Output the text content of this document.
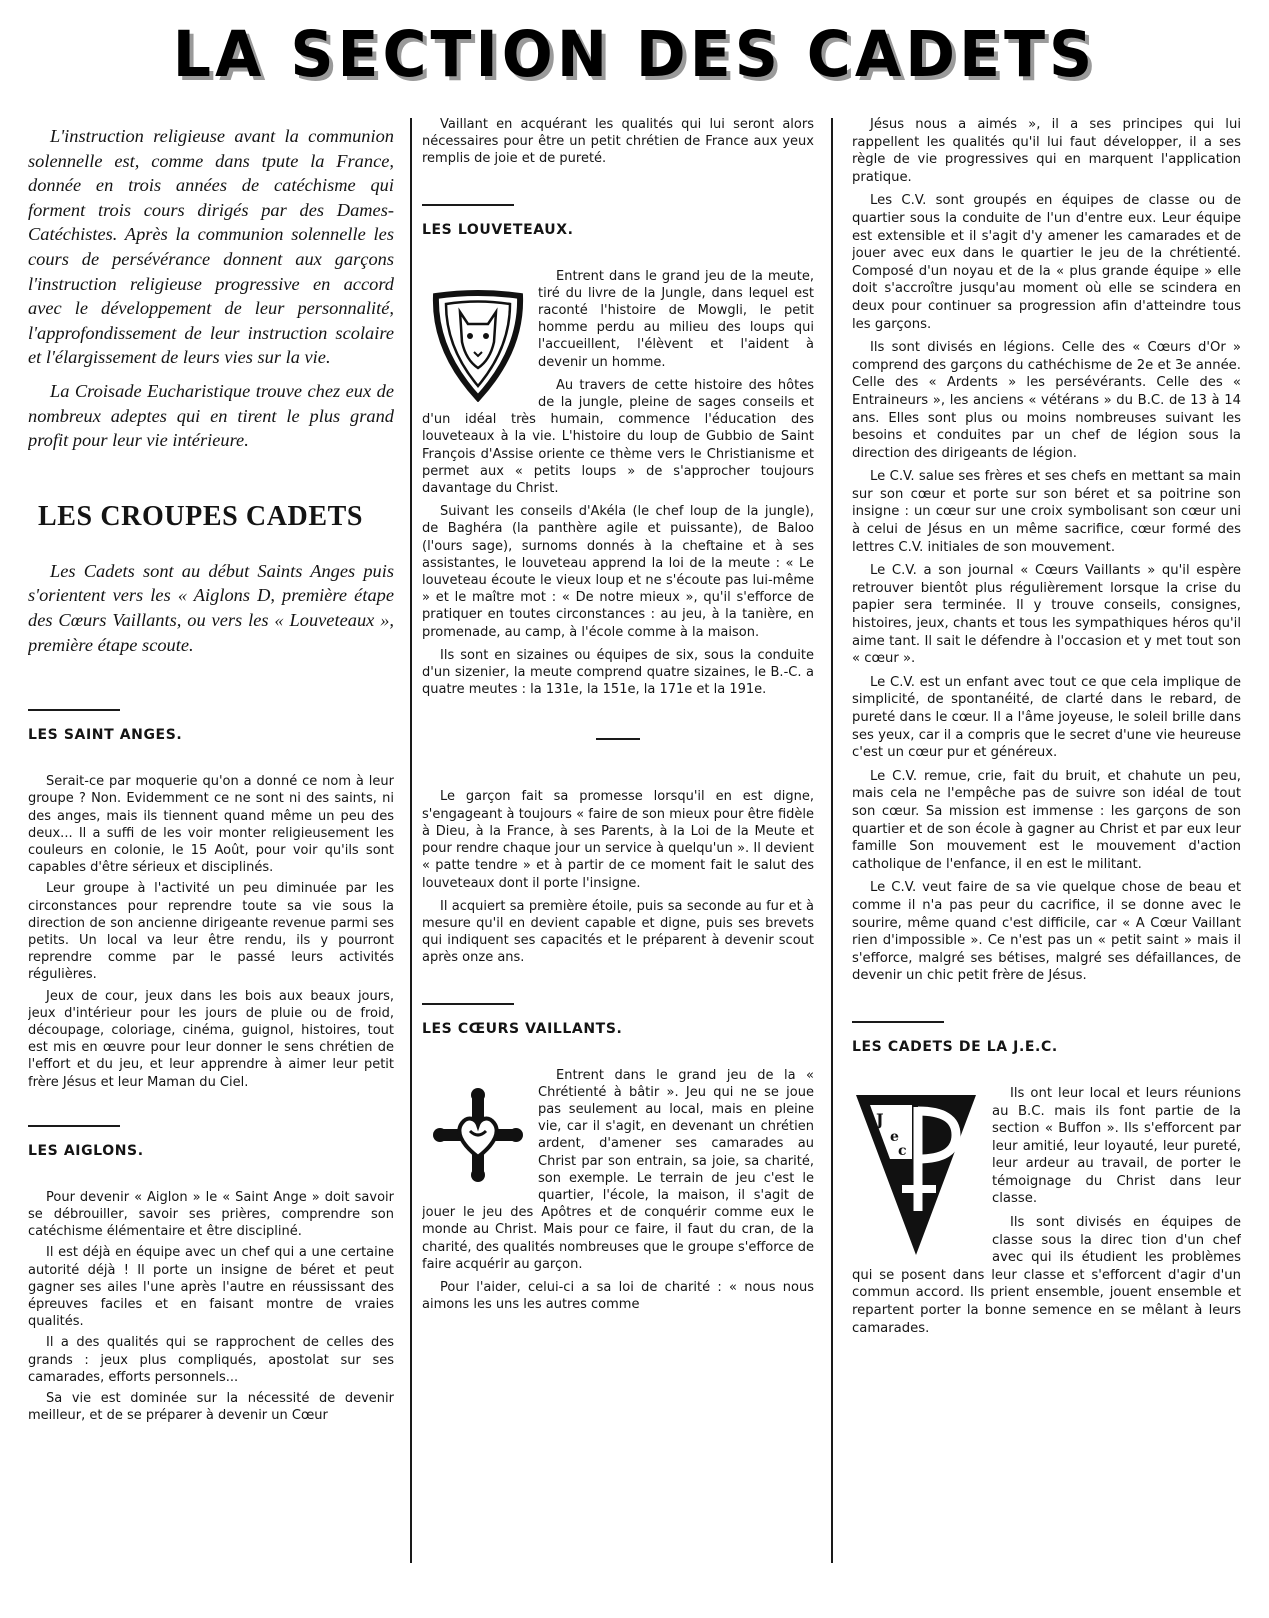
LA SECTION DES CADETS

L'instruction religieuse avant la communion solennelle est, comme dans tpute la France, donnée en trois années de catéchisme qui forment trois cours dirigés par des Dames-Catéchistes. Après la communion solennelle les cours de persévérance donnent aux garçons l'instruction religieuse progressive en accord avec le développement de leur personnalité, l'approfondissement de leur instruction scolaire et l'élargissement de leurs vies sur la vie.

La Croisade Eucharistique trouve chez eux de nombreux adeptes qui en tirent le plus grand profit pour leur vie intérieure.

LES CROUPES CADETS

Les Cadets sont au début Saints Anges puis s'orientent vers les « Aiglons D, première étape des Cœurs Vaillants, ou vers les « Louveteaux », première étape scoute.

LES SAINT ANGES.

Serait-ce par moquerie qu'on a donné ce nom à leur groupe ? Non. Evidemment ce ne sont ni des saints, ni des anges, mais ils tiennent quand même un peu des deux... Il a suffi de les voir monter religieusement les couleurs en colonie, le 15 Août, pour voir qu'ils sont capables d'être sérieux et disciplinés.

Leur groupe à l'activité un peu diminuée par les circonstances pour reprendre toute sa vie sous la direction de son ancienne dirigeante revenue parmi ses petits. Un local va leur être rendu, ils y pourront reprendre comme par le passé leurs activités régulières.

Jeux de cour, jeux dans les bois aux beaux jours, jeux d'intérieur pour les jours de pluie ou de froid, découpage, coloriage, cinéma, guignol, histoires, tout est mis en œuvre pour leur donner le sens chrétien de l'effort et du jeu, et leur apprendre à aimer leur petit frère Jésus et leur Maman du Ciel.

LES AIGLONS.

Pour devenir « Aiglon » le « Saint Ange » doit savoir se débrouiller, savoir ses prières, comprendre son catéchisme élémentaire et être discipliné.

Il est déjà en équipe avec un chef qui a une certaine autorité déjà ! Il porte un insigne de béret et peut gagner ses ailes l'une après l'autre en réussissant des épreuves faciles et en faisant montre de vraies qualités.

Il a des qualités qui se rapprochent de celles des grands : jeux plus compliqués, apostolat sur ses camarades, efforts personnels...

Sa vie est dominée sur la nécessité de devenir meilleur, et de se préparer à devenir un Cœur

Vaillant en acquérant les qualités qui lui seront alors nécessaires pour être un petit chrétien de France aux yeux remplis de joie et de pureté.

LES LOUVETEAUX.

Entrent dans le grand jeu de la meute, tiré du livre de la Jungle, dans lequel est raconté l'histoire de Mowgli, le petit homme perdu au milieu des loups qui l'accueillent, l'élèvent et l'aident à devenir un homme.

Au travers de cette histoire des hôtes de la jungle, pleine de sages conseils et d'un idéal très humain, commence l'éducation des louveteaux à la vie. L'histoire du loup de Gubbio de Saint François d'Assise oriente ce thème vers le Christianisme et permet aux « petits loups » de s'approcher toujours davantage du Christ.

Suivant les conseils d'Akéla (le chef loup de la jungle), de Baghéra (la panthère agile et puissante), de Baloo (l'ours sage), surnoms donnés à la cheftaine et à ses assistantes, le louveteau apprend la loi de la meute : « Le louveteau écoute le vieux loup et ne s'écoute pas lui-même » et le maître mot : « De notre mieux », qu'il s'efforce de pratiquer en toutes circonstances : au jeu, à la tanière, en promenade, au camp, à l'école comme à la maison.

Ils sont en sizaines ou équipes de six, sous la conduite d'un sizenier, la meute comprend quatre sizaines, le B.-C. a quatre meutes : la 131e, la 151e, la 171e et la 191e.

Le garçon fait sa promesse lorsqu'il en est digne, s'engageant à toujours « faire de son mieux pour être fidèle à Dieu, à la France, à ses Parents, à la Loi de la Meute et pour rendre chaque jour un service à quelqu'un ». Il devient « patte tendre » et à partir de ce moment fait le salut des louveteaux dont il porte l'insigne.

Il acquiert sa première étoile, puis sa seconde au fur et à mesure qu'il en devient capable et digne, puis ses brevets qui indiquent ses capacités et le préparent à devenir scout après onze ans.

LES CŒURS VAILLANTS.

Entrent dans le grand jeu de la « Chrétienté à bâtir ». Jeu qui ne se joue pas seulement au local, mais en pleine vie, car il s'agit, en devenant un chrétien ardent, d'amener ses camarades au Christ par son entrain, sa joie, sa charité, son exemple. Le terrain de jeu c'est le quartier, l'école, la maison, il s'agit de jouer le jeu des Apôtres et de conquérir comme eux le monde au Christ. Mais pour ce faire, il faut du cran, de la charité, des qualités nombreuses que le groupe s'efforce de faire acquérir au garçon.

Pour l'aider, celui-ci a sa loi de charité : « nous nous aimons les uns les autres comme

Jésus nous a aimés », il a ses principes qui lui rappellent les qualités qu'il lui faut développer, il a ses règle de vie progressives qui en marquent l'application pratique.

Les C.V. sont groupés en équipes de classe ou de quartier sous la conduite de l'un d'entre eux. Leur équipe est extensible et il s'agit d'y amener les camarades et de jouer avec eux dans le quartier le jeu de la chrétienté. Composé d'un noyau et de la « plus grande équipe » elle doit s'accroître jusqu'au moment où elle se scindera en deux pour continuer sa progression afin d'atteindre tous les garçons.

Ils sont divisés en légions. Celle des « Cœurs d'Or » comprend des garçons du cathéchisme de 2e et 3e année. Celle des « Ardents » les persévérants. Celle des « Entraineurs », les anciens « vétérans » du B.C. de 13 à 14 ans. Elles sont plus ou moins nombreuses suivant les besoins et conduites par un chef de légion sous la direction des dirigeants de légion.

Le C.V. salue ses frères et ses chefs en mettant sa main sur son cœur et porte sur son béret et sa poitrine son insigne : un cœur sur une croix symbolisant son cœur uni à celui de Jésus en un même sacrifice, cœur formé des lettres C.V. initiales de son mouvement.

Le C.V. a son journal « Cœurs Vaillants » qu'il espère retrouver bientôt plus régulièrement lorsque la crise du papier sera terminée. Il y trouve conseils, consignes, histoires, jeux, chants et tous les sympathiques héros qu'il aime tant. Il sait le défendre à l'occasion et y met tout son « cœur ».

Le C.V. est un enfant avec tout ce que cela implique de simplicité, de spontanéité, de clarté dans le rebard, de pureté dans le cœur. Il a l'âme joyeuse, le soleil brille dans ses yeux, car il a compris que le secret d'une vie heureuse c'est un cœur pur et généreux.

Le C.V. remue, crie, fait du bruit, et chahute un peu, mais cela ne l'empêche pas de suivre son idéal de tout son cœur. Sa mission est immense : les garçons de son quartier et de son école à gagner au Christ et par eux leur famille Son mouvement est le mouvement d'action catholique de l'enfance, il en est le militant.

Le C.V. veut faire de sa vie quelque chose de beau et comme il n'a pas peur du cacrifice, il se donne avec le sourire, même quand c'est difficile, car « A Cœur Vaillant rien d'impossible ». Ce n'est pas un « petit saint » mais il s'efforce, malgré ses bétises, malgré ses défaillances, de devenir un chic petit frère de Jésus.

LES CADETS DE LA J.E.C.
J
e
c

Ils ont leur local et leurs réunions au B.C. mais ils font partie de la section « Buffon ». Ils s'efforcent par leur amitié, leur loyauté, leur pureté, leur ardeur au travail, de porter le témoignage du Christ dans leur classe.

Ils sont divisés en équipes de classe sous la direc tion d'un chef avec qui ils étudient les problèmes qui se posent dans leur classe et s'efforcent d'agir d'un commun accord. Ils prient ensemble, jouent ensemble et repartent porter la bonne semence en se mêlant à leurs camarades.
